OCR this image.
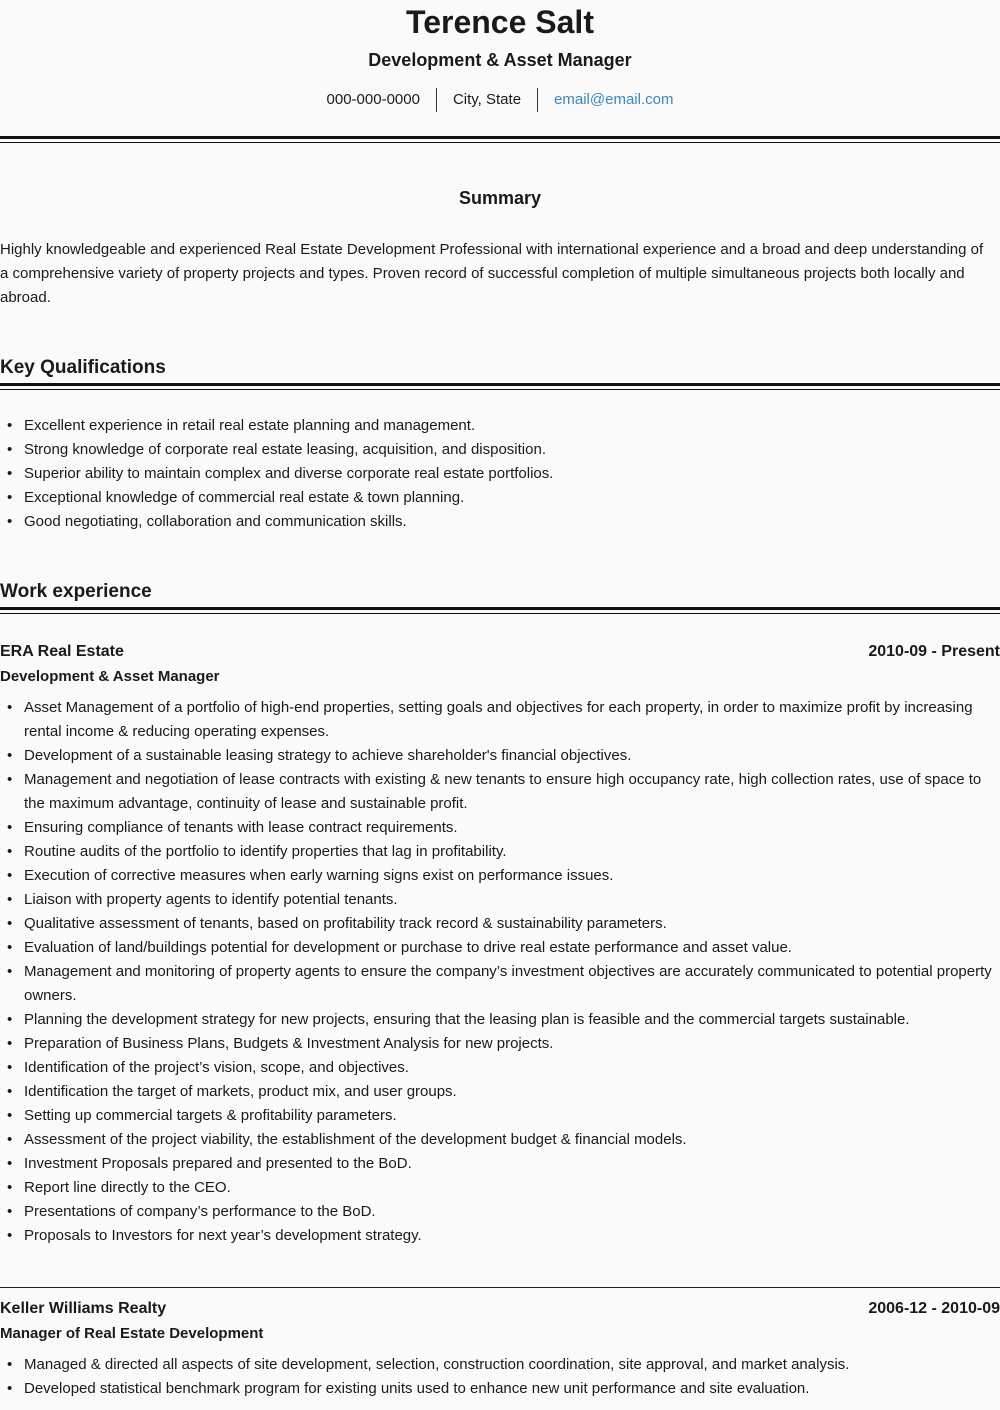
Terence Salt
Development & Asset Manager
000-000-0000	City, State	email@email.com
Summary

Highly knowledgeable and experienced Real Estate Development Professional with international experience and a broad and deep understanding of a comprehensive variety of property projects and types. Proven record of successful completion of multiple simultaneous projects both locally and abroad.

Key Qualifications
• Excellent experience in retail real estate planning and management.
• Strong knowledge of corporate real estate leasing, acquisition, and disposition.
• Superior ability to maintain complex and diverse corporate real estate portfolios.
• Exceptional knowledge of commercial real estate & town planning.
• Good negotiating, collaboration and communication skills.
Work experience
ERA Real Estate	2010-09 - Present
Development & Asset Manager
• Asset Management of a portfolio of high-end properties, setting goals and objectives for each property, in order to maximize profit by increasing rental income & reducing operating expenses.
• Development of a sustainable leasing strategy to achieve shareholder's financial objectives.
• Management and negotiation of lease contracts with existing & new tenants to ensure high occupancy rate, high collection rates, use of space to the maximum advantage, continuity of lease and sustainable profit.
• Ensuring compliance of tenants with lease contract requirements.
• Routine audits of the portfolio to identify properties that lag in profitability.
• Execution of corrective measures when early warning signs exist on performance issues.
• Liaison with property agents to identify potential tenants.
• Qualitative assessment of tenants, based on profitability track record & sustainability parameters.
• Evaluation of land/buildings potential for development or purchase to drive real estate performance and asset value.
• Management and monitoring of property agents to ensure the company’s investment objectives are accurately communicated to potential property owners.
• Planning the development strategy for new projects, ensuring that the leasing plan is feasible and the commercial targets sustainable.
• Preparation of Business Plans, Budgets & Investment Analysis for new projects.
• Identification of the project’s vision, scope, and objectives.
• Identification the target of markets, product mix, and user groups.
• Setting up commercial targets & profitability parameters.
• Assessment of the project viability, the establishment of the development budget & financial models.
• Investment Proposals prepared and presented to the BoD.
• Report line directly to the CEO.
• Presentations of company’s performance to the BoD.
• Proposals to Investors for next year’s development strategy.
Keller Williams Realty	2006-12 - 2010-09
Manager of Real Estate Development
• Managed & directed all aspects of site development, selection, construction coordination, site approval, and market analysis.
• Developed statistical benchmark program for existing units used to enhance new unit performance and site evaluation.
